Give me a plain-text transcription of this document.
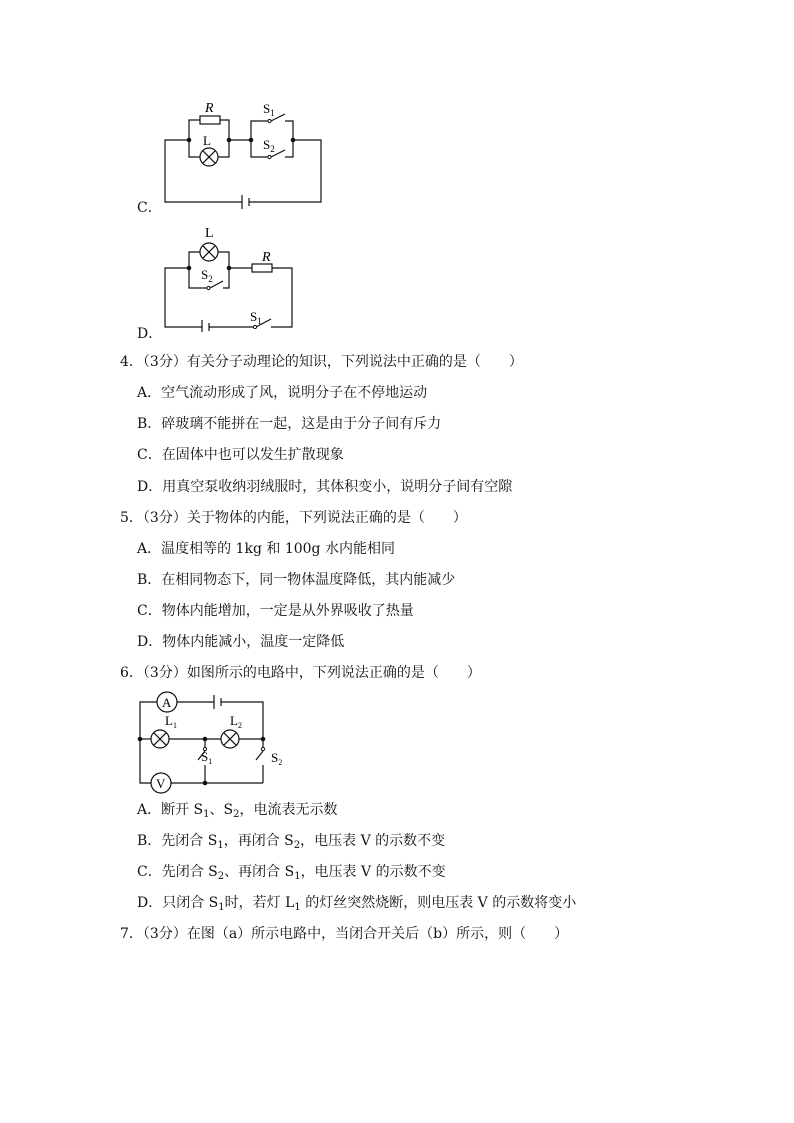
C．
R
L
$S_1$
$S_2$
D．
L
R
$S_2$
$S_1$
4．（3分）有关分子动理论的知识，下列说法中正确的是（　　）
A．空气流动形成了风，说明分子在不停地运动
B．碎玻璃不能拼在一起，这是由于分子间有斥力
C．在固体中也可以发生扩散现象
D．用真空泵收纳羽绒服时，其体积变小，说明分子间有空隙
5．（3分）关于物体的内能，下列说法正确的是（　　）
A．温度相等的 1kg 和 100g 水内能相同
B．在相同物态下，同一物体温度降低，其内能减少
C．物体内能增加，一定是从外界吸收了热量
D．物体内能减小，温度一定降低
6．（3分）如图所示的电路中，下列说法正确的是（　　）
A
V
$L_1$	$L_2$
$S_1$	$S_2$
A．断开 $S_1$、$S_2$，电流表无示数
B．先闭合 $S_1$，再闭合 $S_2$，电压表 V 的示数不变
C．先闭合 $S_2$、再闭合 $S_1$，电压表 V 的示数不变
D．只闭合 $S_1$时，若灯 $L_1$ 的灯丝突然烧断，则电压表 V 的示数将变小
7．（3分）在图（a）所示电路中，当闭合开关后（b）所示，则（　　）
